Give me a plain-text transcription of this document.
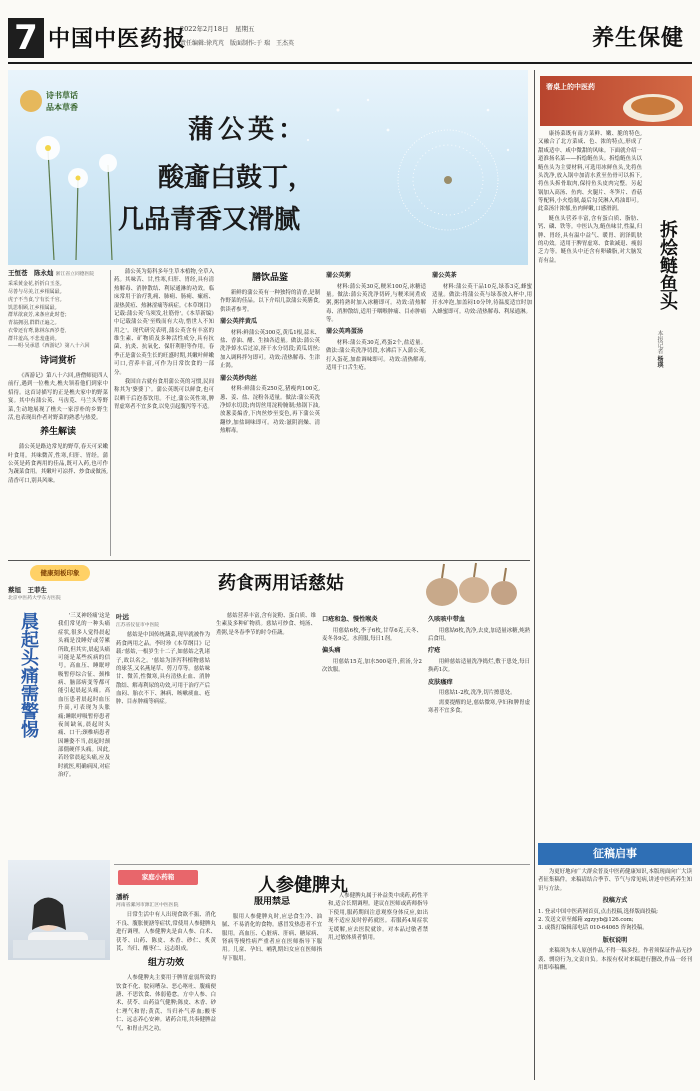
7 中国中医药报
2022年2月18日　星期五
责任编辑:徐芃芃　版面制作:于 瑞　王杰英	养生保健
诗书草话
品本草香
蒲公英：
酸齑白鼓丁，
几品青香又滑腻
王恒苍　陈永灿 浙江省立同德医院
采采黄金花,折折白玉茎。
尽善与尽美,江乡相属最。
虎子不当食,宁有长千官。
饥思相顾,江乡相属最。
群草欲衰芳,来条应此时苍；
青翁拥羽,群群正遍之。
衣带还有鸢,陈林东西岁苍,
群井羞高,不悲羞蓬尚。
——明·吴承恩《西游记》第八十六回
诗词赏析
《西游记》第八十六回,唐僧师徒四人前行,遇到一位樵夫,樵夫领着他们到家中招待。这首诗描写的正是樵夫家中的野菜宴。其中有蒲公英、马齿苋、马兰头等野菜,生动地展现了樵夫一家淳朴的乡野生活,也表现出作者对野菜的熟悉与热爱。
养生解读
蒲公英是路边常见的野草,春天可采嫩叶食用。其味微苦,性寒,归肝、胃经。蒲公英是药食两用的佳品,既可入药,也可作为蔬菜食用。其嫩叶可凉拌、炒食或做汤,清香可口,别具风味。
蒲公英为菊科多年生草本植物,全草入药。其味苦、甘,性寒,归肝、胃经,具有清热解毒、消肿散结、利尿通淋的功效。临床常用于治疗乳痈、肺痈、肠痈、瘰疬、湿热黄疸、热淋涩痛等病症。《本草纲目》记载:蒲公英'乌须发,壮筋骨'。《本草新编》中记载蒲公英'至贱而有大功,惜世人不知用之'。现代研究表明,蒲公英含有丰富的维生素、矿物质及多种活性成分,具有抗菌、抗炎、抗氧化、保肝利胆等作用。春季正是蒲公英生长的旺盛时期,其嫩叶鲜嫩可口,营养丰富,可作为日常饮食的一部分。
我国自古就有食用蒲公英的习惯,民间称其为'婆婆丁'。蒲公英既可以鲜食,也可以晒干后泡茶饮用。不过,蒲公英性寒,脾胃虚寒者不宜多食,以免引起腹泻等不适。
膳饮品鉴
新鲜的蒲公英有一种独特的清香,是制作野菜的佳品。以下介绍几款蒲公英膳食,供读者参考。
蒲公英拌黄瓜
材料:鲜蒲公英300克,黄瓜1根,蒜末、盐、香油、醋、生抽各适量。做法:蒲公英洗净焯水后过凉,挤干水分切段;黄瓜切丝;加入调料拌匀即可。功效:清热解毒、生津止渴。
蒲公英炒肉丝
材料:鲜蒲公英250克,猪瘦肉100克,葱、姜、盐、淀粉各适量。做法:蒲公英洗净焯水切段;肉切丝用淀粉腌制;热锅下油,放葱姜煸香,下肉丝炒至变色,再下蒲公英翻炒,加盐调味即可。功效:滋阴润燥、清热解毒。
蒲公英粥
材料:蒲公英30克,粳米100克,冰糖适量。做法:蒲公英洗净切碎,与粳米同煮成粥,粥将熟时加入冰糖即可。功效:清热解毒、消肿散结,适用于咽喉肿痛、目赤肿痛等。
蒲公英鸡蛋汤
材料:蒲公英30克,鸡蛋2个,盐适量。做法:蒲公英洗净切段,水沸后下入蒲公英,打入蛋花,加盐调味即可。功效:清热解毒,适用于口舌生疮。
蒲公英茶
材料:蒲公英干品10克,绿茶3克,蜂蜜适量。做法:将蒲公英与绿茶放入杯中,用开水冲泡,加盖闷10分钟,待温度适宜时加入蜂蜜即可。功效:清热解毒、利尿通淋。
健康刻板印象
蔡旭　王菲生
北京中医药大学东方医院
晨起头痛需警惕	'三叉神经痛'这是我们常见的一种头痛症状,很多人觉得晨起头痛是没睡好或劳累所致,但其实,晨起头痛可能是某些疾病的信号。高血压、睡眠呼吸暂停综合征、颈椎病、脑部病变等都可能引起晨起头痛。高血压患者晨起时血压升高,可表现为头胀痛;睡眠呼吸暂停患者夜间缺氧,晨起时头痛、口干;颈椎病患者因睡姿不当,晨起时颈部僵硬伴头痛。因此,若经常晨起头痛,应及时就医,明确病因,对症治疗。
药食两用话慈姑
叶远
江苏省仪征市中医院
慈姑是中国传统蔬菜,现早就被作为药食两用之品。李时珍《本草纲目》记载:'慈姑,一根岁生十二子,如慈姑之乳诸子,故以名之。'慈姑为泽泻科植物慈姑的球茎,又名燕尾草、剪刀草等。慈姑味甘、微苦,性微寒,具有清热止血、消肿散结、解毒利尿的功效,可用于治疗产后血闷、胎衣不下、淋病、咳嗽痰血、疮肿、目赤肿痛等病症。
慈姑营养丰富,含有淀粉、蛋白质、维生素及多种矿物质。慈姑可炒食、炖汤、煮粥,是冬春季节的时令佳蔬。
口疮和急、慢性喉炎
用慈姑6枚,李子6枚,甘草6克,天冬、麦冬各9克。水煎服,每日1剂。
偏头痛
用慈姑15克,加水500毫升,煎汤,分2次饮服。
久咳咳中带血
用慈姑6枚,洗净,去皮,加适量冰糖,炖熟后食用。
疔疮
用鲜慈姑适量洗净捣烂,敷于患处,每日换药1次。
皮肤瘙痒
用慈姑1-2枚,洗净,切片擦患处。
需要提醒的是,慈姑微寒,孕妇和脾胃虚寒者不宜多食。
家庭小药箱	人参健脾丸
潘桥
河南省漯河市源汇区中医医院
日常生活中有人出现食欲不振、消化不良、腹胀便溏等症状,常使用人参健脾丸进行调理。人参健脾丸是由人参、白术、茯苓、山药、陈皮、木香、砂仁、炙黄芪、当归、酸枣仁、远志组成。
组方功效
人参健脾丸主要用于脾胃虚弱所致的饮食不化、脘闷嘈杂、恶心呕吐、腹痛便溏、不思饮食、体弱倦怠。方中人参、白术、茯苓、山药益气健脾;陈皮、木香、砂仁理气和胃;黄芪、当归补气养血;酸枣仁、远志养心安神。诸药合用,共奏健脾益气、和胃止泻之功。
服用禁忌
服用人参健脾丸时,应忌食生冷、油腻、不易消化的食物。感冒发热患者不宜服用。高血压、心脏病、肝病、糖尿病、肾病等慢性病严重者应在医师指导下服用。儿童、孕妇、哺乳期妇女应在医师指导下服用。
人参健脾丸属于补益类中成药,药性平和,适合长期调理。建议在医师或药师指导下使用,服药期间注意观察身体反应,如出现不适应及时停药就医。若服药4周症状无缓解,应去医院就诊。对本品过敏者禁用,过敏体质者慎用。
奢桌上的中医药
康扬菜既有南方菜鲜、嫩、脆的特色,又融合了北方菜咸、色、浓的特点,形成了甜咸适中、咸中微甜的风味。下面就介绍一道淮扬名菜——拆烩鲢鱼头。拆烩鲢鱼头以鲢鱼头为主要材料,可选用冰鲜鱼头,先将鱼头洗净,放入锅中加清水煮至鱼骨可以拆下,将鱼头拆骨取肉,保持鱼头皮肉完整。另起锅加入高汤、鱼肉、火腿片、冬笋片、香菇等配料,小火烩制,最后勾芡淋入鸡油即可。此菜汤汁浓郁,鱼肉鲜嫩,口感滑润。
鲢鱼头营养丰富,含有蛋白质、脂肪、钙、磷、铁等。中医认为,鲢鱼味甘,性温,归脾、胃经,具有温中益气、暖胃、润泽肌肤的功效。适用于脾胃虚寒、食欲减退、瘦弱乏力等。鲢鱼头中还含有卵磷脂,对大脑发育有益。	拆烩鲢鱼头
本报记者 杨瑛
征稿启事
为更好地向广大群众普及中医药健康知识,本版现面向广大读者征集稿件。来稿请结合季节、节气与常见病,讲述中医药养生知识与方法。
投稿方式
1. 登录中国中医药网首页,点击投稿,选择版面投稿;
2. 发送文章至邮箱 zgzyyb@126.com;
3. 或拨打编辑部电话 010-64065 咨询投稿。
版权说明
来稿须为本人原创作品,不得一稿多投。作者须保证作品无抄袭、剽窃行为,文责自负。本报有权对来稿进行删改,作品一经刊用即奉稿酬。
